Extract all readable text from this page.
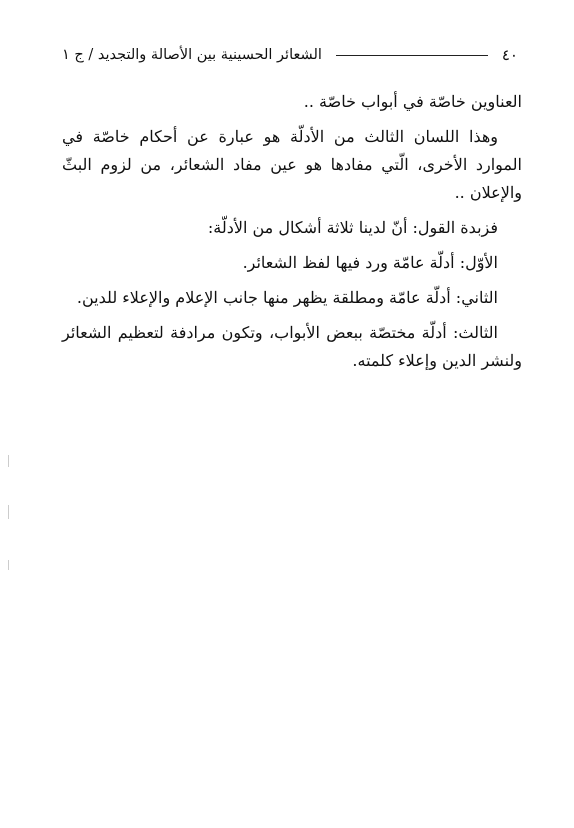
٤٠
الشعائر الحسينية بين الأصالة والتجديد / ج ١

العناوين خاصّة في أبواب خاصّة ..

وهذا اللسان الثالث من الأدلّة هو عبارة عن أحكام خاصّة في الموارد الأخرى، الّتي مفادها هو عين مفاد الشعائر، من لزوم البثّ والإعلان ..

فزبدة القول: أنّ لدينا ثلاثة أشكال من الأدلّة:

الأوّل: أدلّة عامّة ورد فيها لفظ الشعائر.

الثاني: أدلّة عامّة ومطلقة يظهر منها جانب الإعلام والإعلاء للدين.

الثالث: أدلّة مختصّة ببعض الأبواب، وتكون مرادفة لتعظيم الشعائر ولنشر الدين وإعلاء كلمته.
